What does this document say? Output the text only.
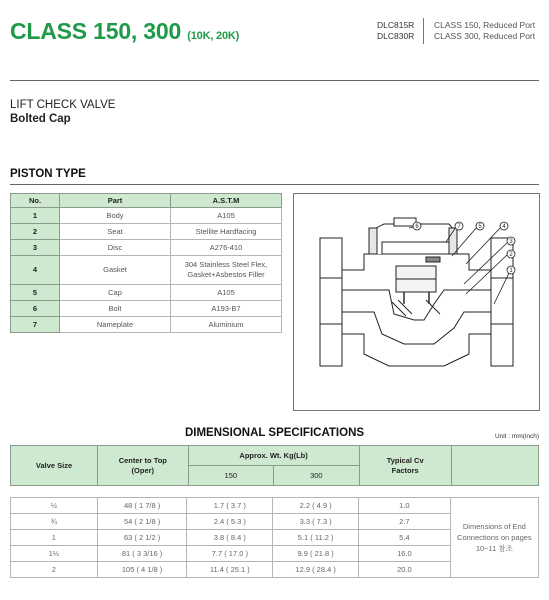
CLASS 150, 300 (10K, 20K)
DLC815R
DLC830R
CLASS 150, Reduced Port
CLASS 300, Reduced Port
LIFT CHECK VALVE
Bolted Cap
PISTON TYPE
No.	Part	A.S.T.M
1	Body	A105
2	Seat	Stellite Hardfacing
3	Disc	A276-410
4	Gasket	304 Stainless Steel Flex,
Gasket+Asbestos Filler

5	Cap	A105
6	Bolt	A193-B7
7	Nameplate	Aluminium
6	7	5	4
3
2
1
DIMENSIONAL SPECIFICATIONS	Unit : mm(inch)
Valve Size	Center to Top (Oper)	Approx. Wt. Kg(Lb)		Typical Cv Factors	

		150	300		
½	48 ( 1 7/8 )	1.7 ( 3.7 )	2.2 ( 4.9 )	1.0	Dimensions of End
Connections on pages
10~11 참조

¾	54 ( 2 1/8 )	2.4 ( 5.3 )	3.3 ( 7.3 )	2.7	
1	63 ( 2 1/2 )	3.8 ( 8.4 )	5.1 ( 11.2 )	5.4	
1½	81 ( 3 3/16 )	7.7 ( 17.0 )	9.9 ( 21.8 )	16.0	
2	105 ( 4 1/8 )	11.4 ( 25.1 )	12.9 ( 28.4 )	20.0	
